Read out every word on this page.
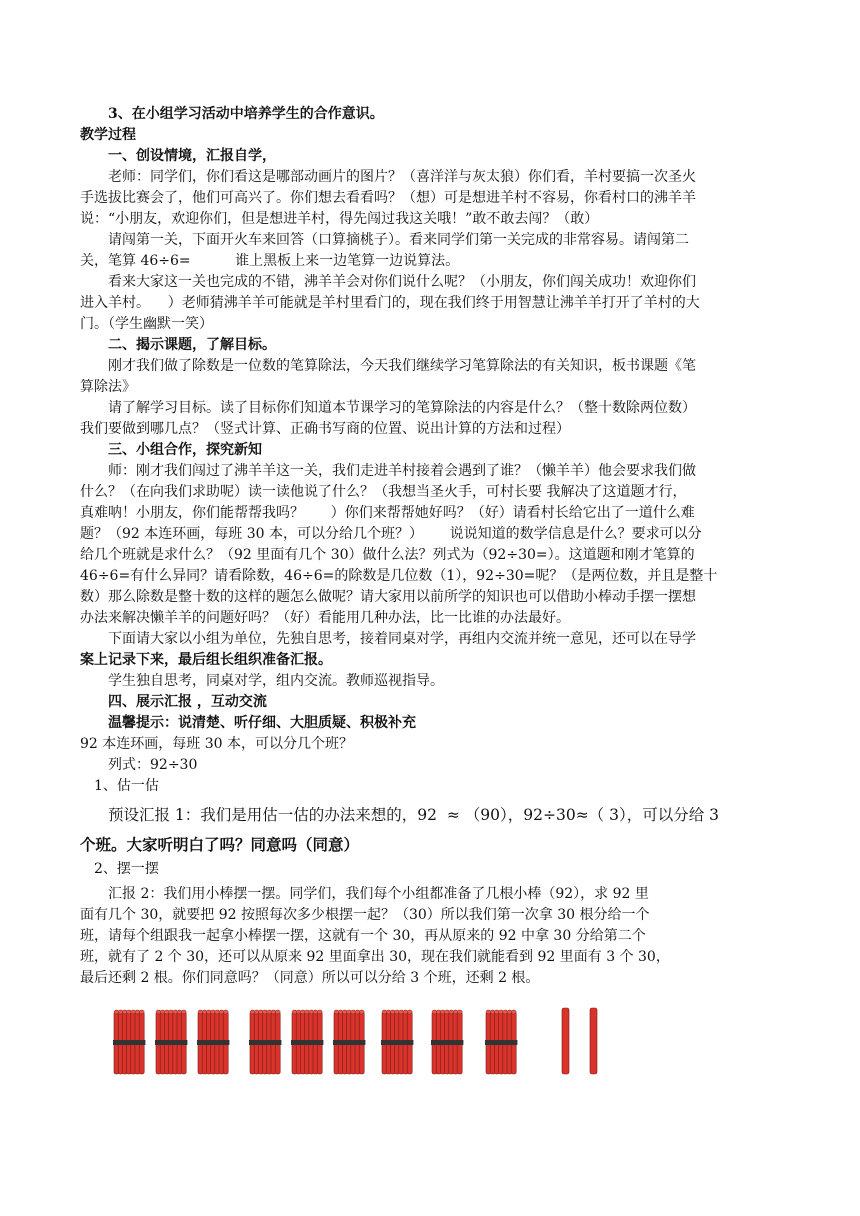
3、在小组学习活动中培养学生的合作意识。
教学过程
一、创设情境，汇报自学，
老师：同学们，你们看这是哪部动画片的图片？（喜洋洋与灰太狼）你们看，羊村要搞一次圣火
手选拔比赛会了，他们可高兴了。你们想去看看吗？（想）可是想进羊村不容易，你看村口的沸羊羊
说：“小朋友，欢迎你们，但是想进羊村，得先闯过我这关哦！”敢不敢去闯？（敢）
请闯第一关，下面开火车来回答（口算摘桃子）。看来同学们第一关完成的非常容易。请闯第二
关，笔算 46÷6=          谁上黑板上来一边笔算一边说算法。
看来大家这一关也完成的不错，沸羊羊会对你们说什么呢？（小朋友，你们闯关成功！欢迎你们
进入羊村。    ）老师猜沸羊羊可能就是羊村里看门的，现在我们终于用智慧让沸羊羊打开了羊村的大
门。（学生幽默一笑）
二、揭示课题，了解目标。
刚才我们做了除数是一位数的笔算除法，今天我们继续学习笔算除法的有关知识，板书课题《笔
算除法》
请了解学习目标。读了目标你们知道本节课学习的笔算除法的内容是什么？（整十数除两位数）
我们要做到哪几点？（竖式计算、正确书写商的位置、说出计算的方法和过程）
三、小组合作，探究新知
师：刚才我们闯过了沸羊羊这一关，我们走进羊村接着会遇到了谁？（懒羊羊）他会要求我们做
什么？（在向我们求助呢）读一读他说了什么？（我想当圣火手，可村长要 我解决了这道题才行，
真难呐！小朋友，你们能帮帮我吗？      ）你们来帮帮她好吗？（好）请看村长给它出了一道什么难
题？（92 本连环画，每班 30 本，可以分给几个班？）      说说知道的数学信息是什么？要求可以分
给几个班就是求什么？（92 里面有几个 30）做什么法？列式为（92÷30=）。这道题和刚才笔算的
46÷6=有什么异同？请看除数，46÷6=的除数是几位数（1），92÷30=呢？（是两位数，并且是整十
数）那么除数是整十数的这样的题怎么做呢？请大家用以前所学的知识也可以借助小棒动手摆一摆想
办法来解决懒羊羊的问题好吗？（好）看能用几种办法，比一比谁的办法最好。
下面请大家以小组为单位，先独自思考，接着同桌对学，再组内交流并统一意见，还可以在导学
案上记录下来，最后组长组织准备汇报。
学生独自思考，同桌对学，组内交流。教师巡视指导。
四、展示汇报 ，互动交流
温馨提示：说清楚、听仔细、大胆质疑、积极补充
92 本连环画，每班 30 本，可以分几个班？
列式：92÷30
1、估一估
预设汇报 1：我们是用估一估的办法来想的，92  ≈ （90），92÷30≈（ 3），可以分给 3
个班。大家听明白了吗？同意吗（同意）
2、摆一摆
汇报 2：我们用小棒摆一摆。同学们，我们每个小组都准备了几根小棒（92），求 92 里
面有几个 30，就要把 92 按照每次多少根摆一起？（30）所以我们第一次拿 30 根分给一个
班，请每个组跟我一起拿小棒摆一摆，这就有一个 30，再从原来的 92 中拿 30 分给第二个
班，就有了 2 个 30，还可以从原来 92 里面拿出 30，现在我们就能看到 92 里面有 3 个 30，
最后还剩 2 根。你们同意吗？（同意）所以可以分给 3 个班，还剩 2 根。
